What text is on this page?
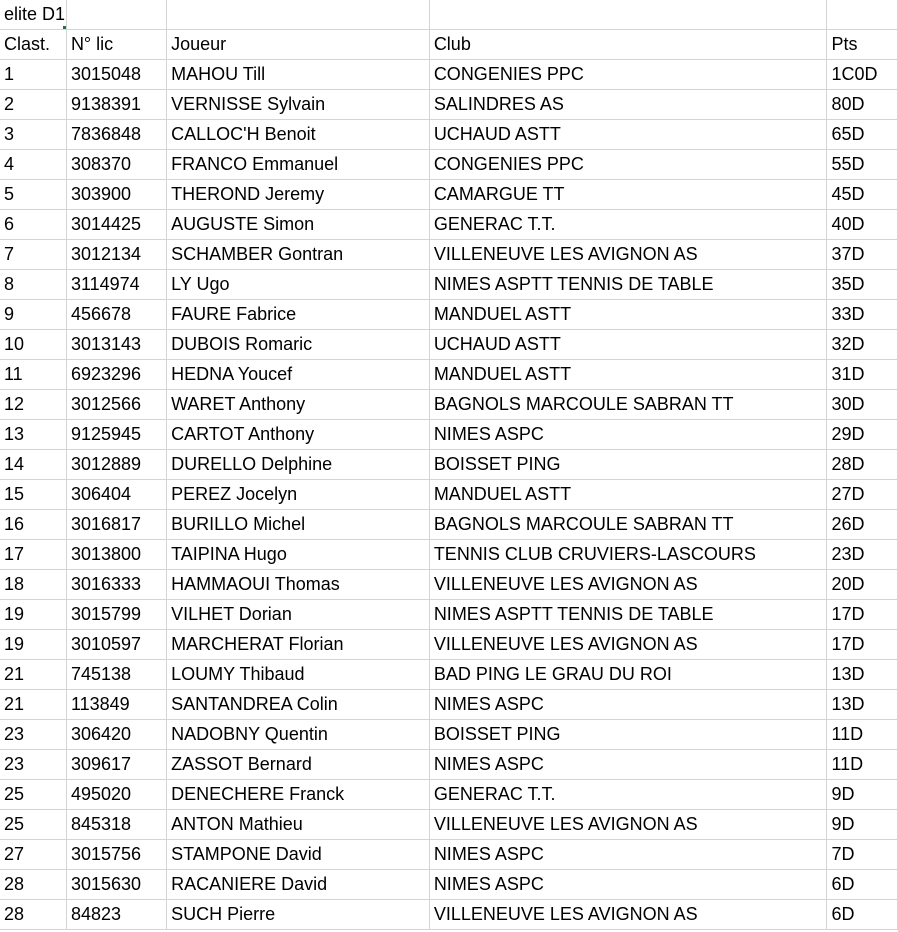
elite D1

Clast.	N° lic	Joueur	Club	Pts
1	3015048	MAHOU Till	CONGENIES PPC	1C0D
2	9138391	VERNISSE Sylvain	SALINDRES AS	80D
3	7836848	CALLOC'H Benoit	UCHAUD ASTT	65D
4	308370	FRANCO Emmanuel	CONGENIES PPC	55D
5	303900	THEROND Jeremy	CAMARGUE TT	45D
6	3014425	AUGUSTE Simon	GENERAC T.T.	40D
7	3012134	SCHAMBER Gontran	VILLENEUVE LES AVIGNON AS	37D
8	3114974	LY Ugo	NIMES ASPTT TENNIS DE TABLE	35D
9	456678	FAURE Fabrice	MANDUEL ASTT	33D
10	3013143	DUBOIS Romaric	UCHAUD ASTT	32D
11	6923296	HEDNA Youcef	MANDUEL ASTT	31D
12	3012566	WARET Anthony	BAGNOLS MARCOULE SABRAN TT	30D
13	9125945	CARTOT Anthony	NIMES ASPC	29D
14	3012889	DURELLO Delphine	BOISSET PING	28D
15	306404	PEREZ Jocelyn	MANDUEL ASTT	27D
16	3016817	BURILLO Michel	BAGNOLS MARCOULE SABRAN TT	26D
17	3013800	TAIPINA Hugo	TENNIS CLUB CRUVIERS-LASCOURS	23D
18	3016333	HAMMAOUI Thomas	VILLENEUVE LES AVIGNON AS	20D
19	3015799	VILHET Dorian	NIMES ASPTT TENNIS DE TABLE	17D
19	3010597	MARCHERAT Florian	VILLENEUVE LES AVIGNON AS	17D
21	745138	LOUMY Thibaud	BAD PING LE GRAU DU ROI	13D
21	113849	SANTANDREA Colin	NIMES ASPC	13D
23	306420	NADOBNY Quentin	BOISSET PING	11D
23	309617	ZASSOT Bernard	NIMES ASPC	11D
25	495020	DENECHERE Franck	GENERAC T.T.	9D
25	845318	ANTON Mathieu	VILLENEUVE LES AVIGNON AS	9D
27	3015756	STAMPONE David	NIMES ASPC	7D
28	3015630	RACANIERE David	NIMES ASPC	6D
28	84823	SUCH Pierre	VILLENEUVE LES AVIGNON AS	6D
